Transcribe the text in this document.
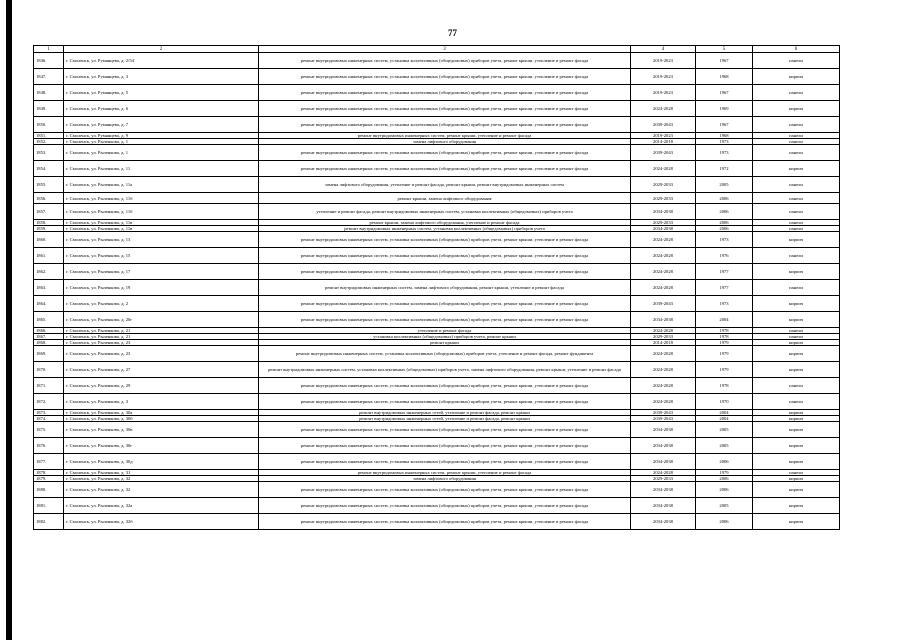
77
1	2	3	4	5	6
1846.	г. Смоленск, ул. Румянцева, д. 2/54	ремонт внутридомовых инженерных систем, установка коллективных (общедомовых) приборов учета, ремонт крыши, утепление и ремонт фасада	2019-2023	1967	панели
1847.	г. Смоленск, ул. Румянцева, д. 3	ремонт внутридомовых инженерных систем, установка коллективных (общедомовых) приборов учета, ремонт крыши, утепление и ремонт фасада	2019-2023	1968	кирпич
1848.	г. Смоленск, ул. Румянцева, д. 5	ремонт внутридомовых инженерных систем, установка коллективных (общедомовых) приборов учета, ремонт крыши, утепление и ремонт фасада	2019-2023	1967	панели
1849.	г. Смоленск, ул. Румянцева, д. 6	ремонт внутридомовых инженерных систем, установка коллективных (общедомовых) приборов учета, ремонт крыши, утепление и ремонт фасада	2024-2028	1969	кирпич
1850.	г. Смоленск, ул. Румянцева, д. 7	ремонт внутридомовых инженерных систем, установка коллективных (общедомовых) приборов учета, ремонт крыши, утепление и ремонт фасада	2039-2043	1967	панели
1851.	г. Смоленск, ул. Румянцева, д. 9	ремонт внутридомовых инженерных систем, ремонт крыши, утепление и ремонт фасада	2019-2023	1968	панели
1852.	г. Смоленск, ул. Рыленкова, д. 1	замена лифтового оборудования	2014-2018	1973	панели
1853.	г. Смоленск, ул. Рыленкова, д. 1	ремонт внутридомовых инженерных систем, установка коллективных (общедомовых) приборов учета, ремонт крыши, утепление и ремонт фасада	2039-2043	1973	панели
1854.	г. Смоленск, ул. Рыленкова, д. 11	ремонт внутридомовых инженерных систем, установка коллективных (общедомовых) приборов учета, ремонт крыши, утепление и ремонт фасада	2024-2028	1972	кирпич
1855.	г. Смоленск, ул. Рыленкова, д. 11а	замена лифтового оборудования, утепление и ремонт фасада, ремонт крыши, ремонт внутридомовых инженерных систем	2029-2033	2005	панели
1856.	г. Смоленск, ул. Рыленкова, д. 11б	ремонт крыши, замена лифтового оборудования	2029-2033	2006	панели
1857.	г. Смоленск, ул. Рыленкова, д. 11б	утепление и ремонт фасада, ремонт внутридомовых инженерных систем, установка коллективных (общедомовых) приборов учета	2034-2038	2006	панели
1858.	г. Смоленск, ул. Рыленкова, д. 11в	ремонт крыши, замена лифтового оборудования, утепление и ремонт фасада	2029-2033	2006	панели
1859.	г. Смоленск, ул. Рыленкова, д. 11в	ремонт внутридомовых инженерных систем, установка коллективных (общедомовых) приборов учета	2034-2038	2006	панели
1860.	г. Смоленск, ул. Рыленкова, д. 13	ремонт внутридомовых инженерных систем, установка коллективных (общедомовых) приборов учета, ремонт крыши, утепление и ремонт фасада	2024-2028	1973	кирпич
1861.	г. Смоленск, ул. Рыленкова, д. 15	ремонт внутридомовых инженерных систем, установка коллективных (общедомовых) приборов учета, ремонт крыши, утепление и ремонт фасада	2024-2028	1976	панели
1862.	г. Смоленск, ул. Рыленкова, д. 17	ремонт внутридомовых инженерных систем, установка коллективных (общедомовых) приборов учета, ремонт крыши, утепление и ремонт фасада	2024-2028	1977	кирпич
1863.	г. Смоленск, ул. Рыленкова, д. 19	ремонт внутридомовых инженерных систем, замена лифтового оборудования, ремонт крыши, утепление и ремонт фасада	2024-2028	1977	панели
1864.	г. Смоленск, ул. Рыленкова, д. 2	ремонт внутридомовых инженерных систем, установка коллективных (общедомовых) приборов учета, ремонт крыши, утепление и ремонт фасада	2039-2043	1973	кирпич
1865.	г. Смоленск, ул. Рыленкова, д. 20г	ремонт внутридомовых инженерных систем, установка коллективных (общедомовых) приборов учета, ремонт крыши, утепление и ремонт фасада	2034-2038	2004	кирпич
1866.	г. Смоленск, ул. Рыленкова, д. 21	утепление и ремонт фасада	2024-2028	1978	панели
1867.	г. Смоленск, ул. Рыленкова, д. 21	установка коллективных (общедомовых) приборов учета, ремонт крыши	2029-2033	1978	панели
1868.	г. Смоленск, ул. Рыленкова, д. 23	ремонт крыши	2014-2018	1979	кирпич
1869.	г. Смоленск, ул. Рыленкова, д. 23	ремонт внутридомовых инженерных систем, установка коллективных (общедомовых) приборов учета, утепление и ремонт фасада, ремонт фундамента	2024-2028	1979	кирпич
1870.	г. Смоленск, ул. Рыленкова, д. 27	ремонт внутридомовых инженерных систем, установка коллективных (общедомовых) приборов учета, замена лифтового оборудования, ремонт крыши, утепление и ремонт фасада	2024-2028	1979	кирпич
1871.	г. Смоленск, ул. Рыленкова, д. 29	ремонт внутридомовых инженерных систем, установка коллективных (общедомовых) приборов учета, ремонт крыши, утепление и ремонт фасада	2024-2028	1978	панели
1872.	г. Смоленск, ул. Рыленкова, д. 3	ремонт внутридомовых инженерных систем, установка коллективных (общедомовых) приборов учета, ремонт крыши, утепление и ремонт фасада	2024-2028	1970	панели
1873.	г. Смоленск, ул. Рыленкова, д. 30а	ремонт внутридомовых инженерных сетей, утепление и ремонт фасада, ремонт крыши	2039-2043	2004	кирпич
1874.	г. Смоленск, ул. Рыленкова, д. 30б	ремонт внутридомовых инженерных сетей, утепление и ремонт фасада, ремонт крыши	2039-2043	2004	кирпич
1875.	г. Смоленск, ул. Рыленкова, д. 30в	ремонт внутридомовых инженерных систем, установка коллективных (общедомовых) приборов учета, ремонт крыши, утепление и ремонт фасада	2034-2038	2005	кирпич
1876.	г. Смоленск, ул. Рыленкова, д. 30г	ремонт внутридомовых инженерных систем, установка коллективных (общедомовых) приборов учета, ремонт крыши, утепление и ремонт фасада	2034-2038	2005	кирпич
1877.	г. Смоленск, ул. Рыленкова, д. 30д	ремонт внутридомовых инженерных систем, установка коллективных (общедомовых) приборов учета, ремонт крыши, утепление и ремонт фасада	2034-2038	2006	кирпич
1878.	г. Смоленск, ул. Рыленкова, д. 31	ремонт внутридомовых инженерных систем, ремонт крыши, утепление и ремонт фасада	2024-2028	1979	панели
1879.	г. Смоленск, ул. Рыленкова, д. 32	замена лифтового оборудования	2029-2033	2006	кирпич
1880.	г. Смоленск, ул. Рыленкова, д. 32	ремонт внутридомовых инженерных систем, установка коллективных (общедомовых) приборов учета, ремонт крыши, утепление и ремонт фасада	2034-2038	2006	кирпич
1881.	г. Смоленск, ул. Рыленкова, д. 32а	ремонт внутридомовых инженерных систем, установка коллективных (общедомовых) приборов учета, ремонт крыши, утепление и ремонт фасада	2034-2038	2005	кирпич
1882.	г. Смоленск, ул. Рыленкова, д. 32б	ремонт внутридомовых инженерных систем, установка коллективных (общедомовых) приборов учета, ремонт крыши, утепление и ремонт фасада	2034-2038	2006	кирпич
